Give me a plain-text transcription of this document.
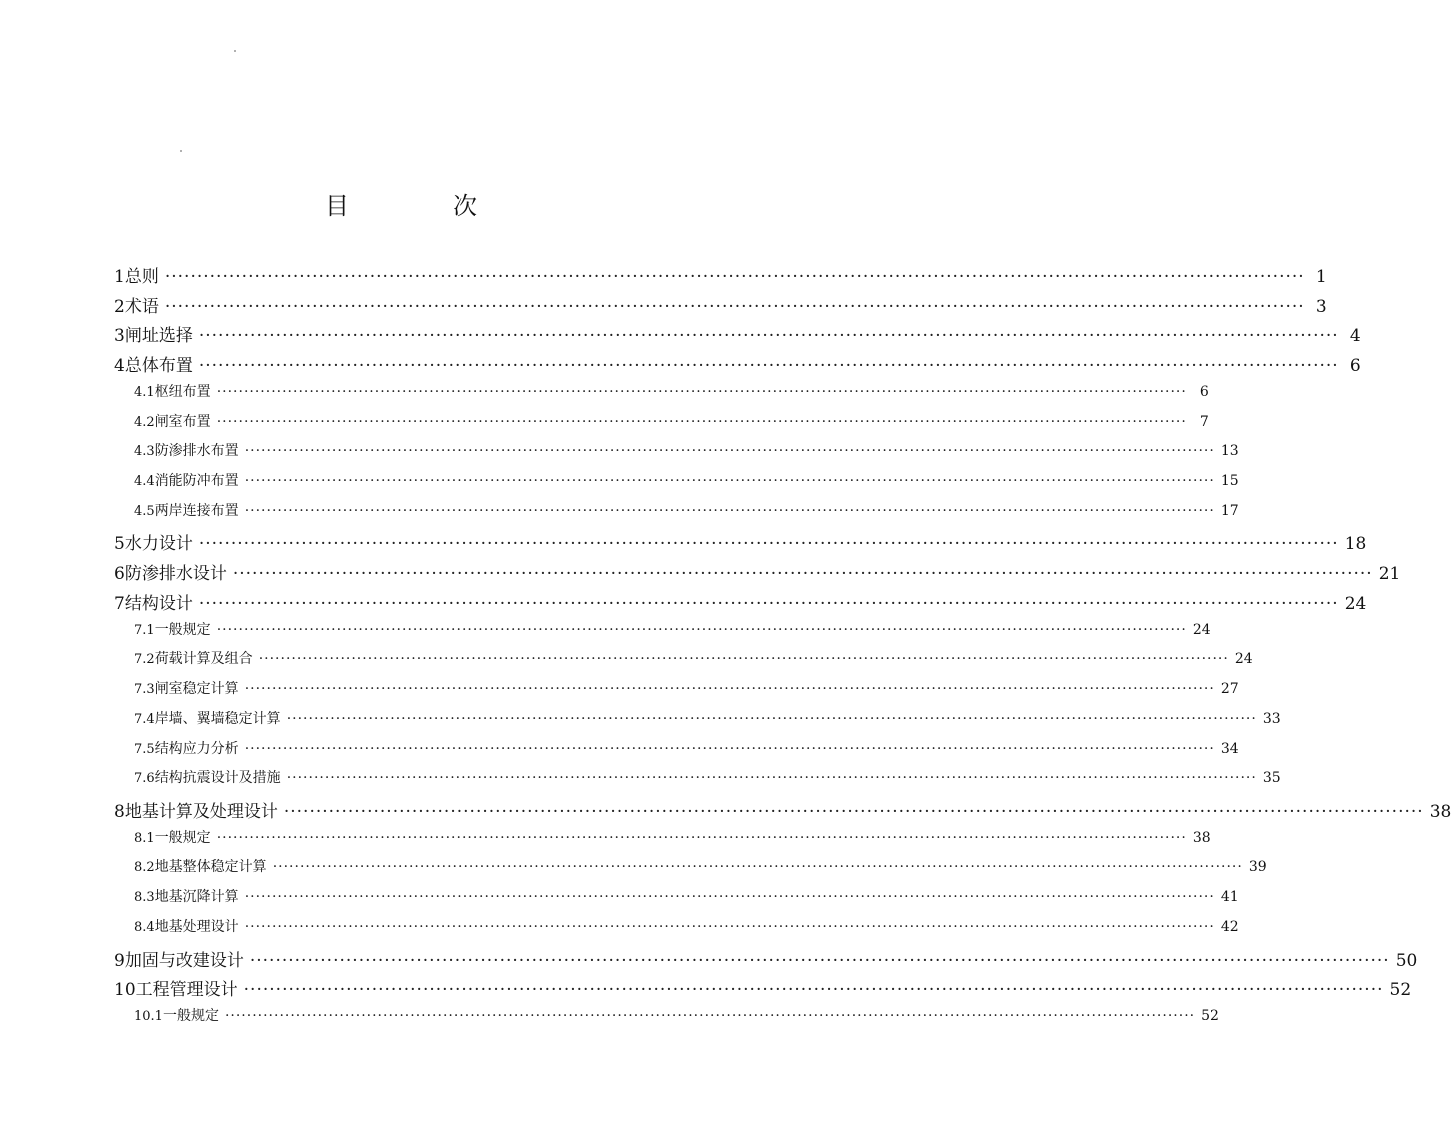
目　次
1 总则 ·····	1
2 术语 ·····	3
3 闸址选择 ·····	4
4 总体布置 ·····	6
4.1 枢纽布置 ·····	6
4.2 闸室布置 ·····	7
4.3 防渗排水布置 ·····	13
4.4 消能防冲布置 ·····	15
4.5 两岸连接布置 ·····	17
5 水力设计 ·····	18
6 防渗排水设计 ·····	21
7 结构设计 ·····	24
7.1 一般规定 ·····	24
7.2 荷载计算及组合 ·····	24
7.3 闸室稳定计算 ·····	27
7.4 岸墙、翼墙稳定计算 ·····	33
7.5 结构应力分析 ·····	34
7.6 结构抗震设计及措施 ·····	35
8 地基计算及处理设计 ·····	38
8.1 一般规定 ·····	38
8.2 地基整体稳定计算 ·····	39
8.3 地基沉降计算 ·····	41
8.4 地基处理设计 ·····	42
9 加固与改建设计 ·····	50
10 工程管理设计 ·····	52
10.1 一般规定 ·····	52
